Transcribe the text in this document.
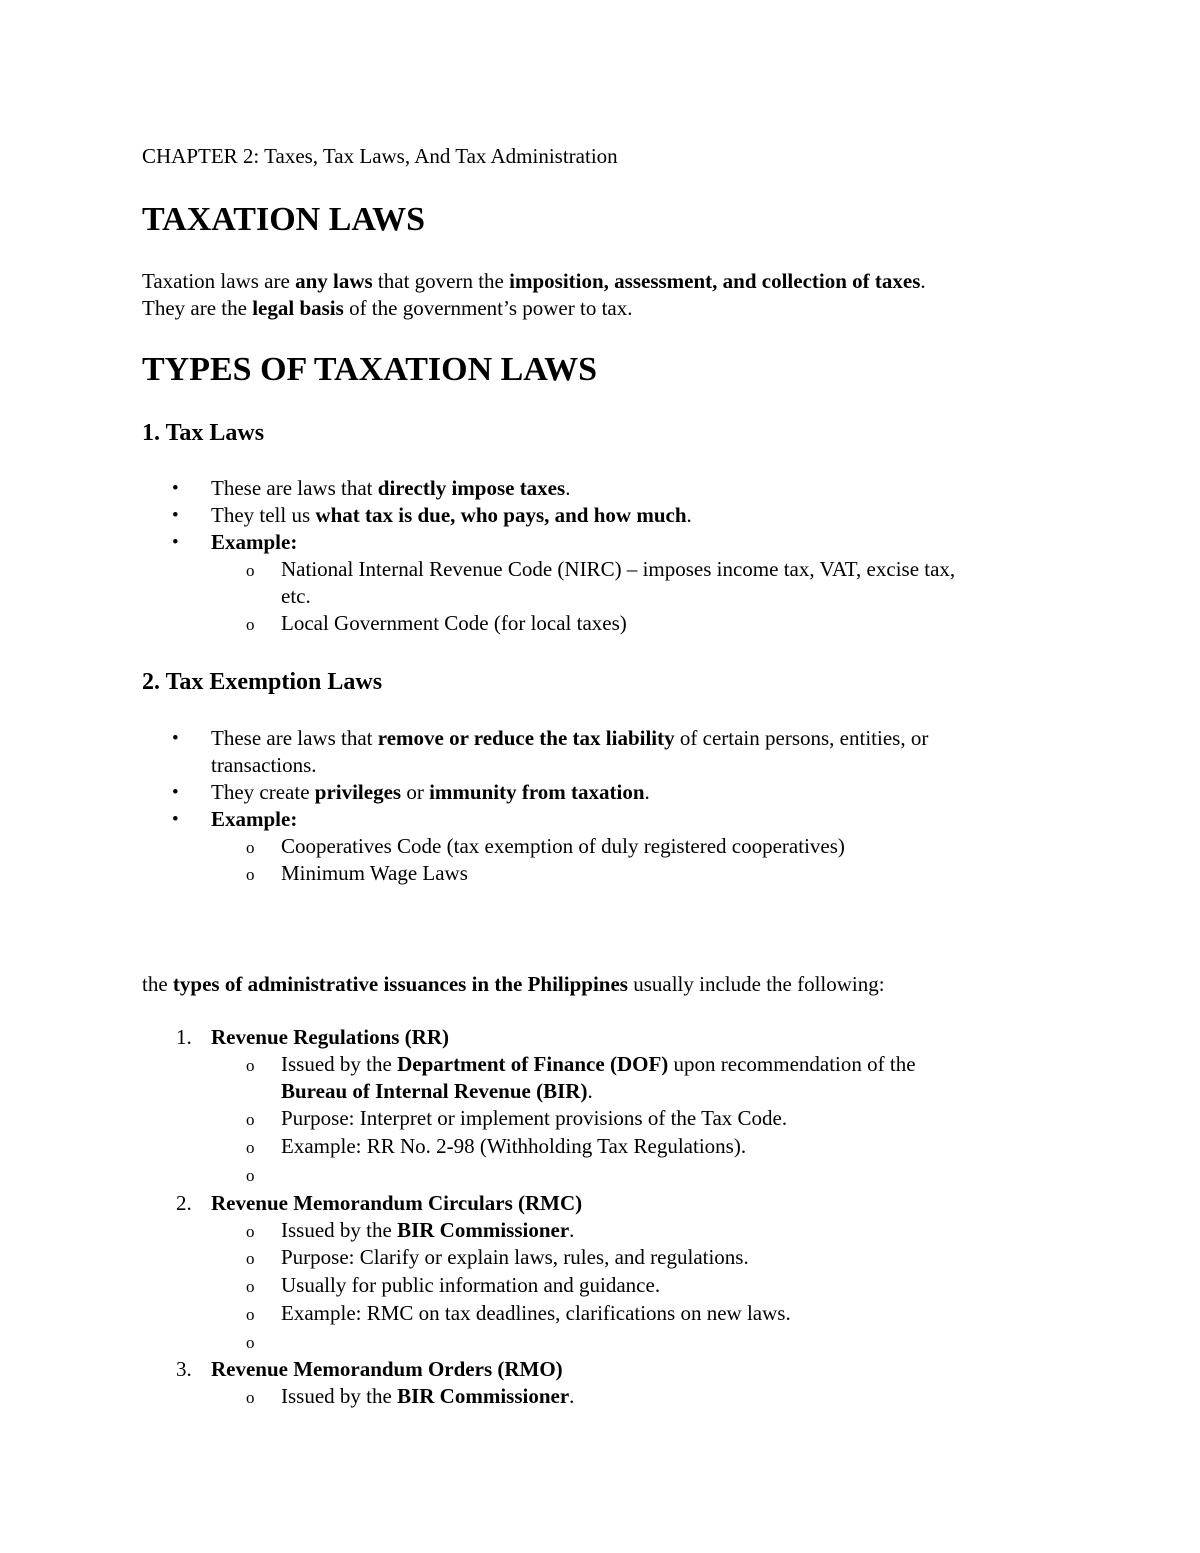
CHAPTER 2: Taxes, Tax Laws, And Tax Administration

TAXATION LAWS
Taxation laws are any laws that govern the imposition, assessment, and collection of taxes.
They are the legal basis of the government’s power to tax.
TYPES OF TAXATION LAWS
1. Tax Laws
• These are laws that directly impose taxes.
• They tell us what tax is due, who pays, and how much.
• Example:
o National Internal Revenue Code (NIRC) – imposes income tax, VAT, excise tax,
etc.
o Local Government Code (for local taxes)
2. Tax Exemption Laws
• These are laws that remove or reduce the tax liability of certain persons, entities, or
transactions.
• They create privileges or immunity from taxation.
• Example:
o Cooperatives Code (tax exemption of duly registered cooperatives)
o Minimum Wage Laws
the types of administrative issuances in the Philippines usually include the following:
1. Revenue Regulations (RR)
o Issued by the Department of Finance (DOF) upon recommendation of the
Bureau of Internal Revenue (BIR).
o Purpose: Interpret or implement provisions of the Tax Code.
o Example: RR No. 2-98 (Withholding Tax Regulations).
o
2. Revenue Memorandum Circulars (RMC)
o Issued by the BIR Commissioner.
o Purpose: Clarify or explain laws, rules, and regulations.
o Usually for public information and guidance.
o Example: RMC on tax deadlines, clarifications on new laws.
o
3. Revenue Memorandum Orders (RMO)
o Issued by the BIR Commissioner.
